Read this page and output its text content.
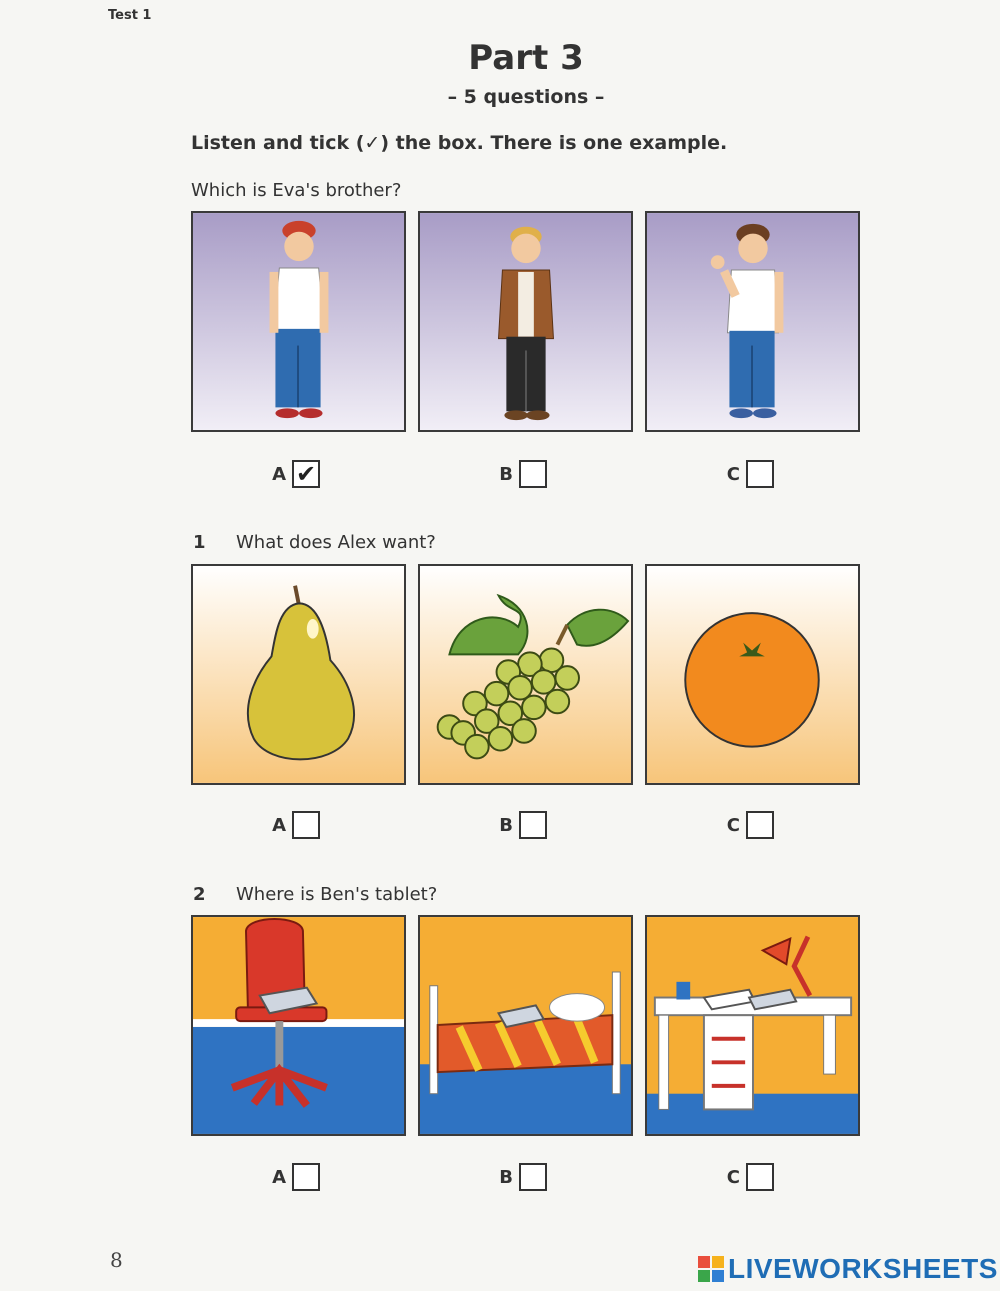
Test 1
Part 3
– 5 questions –
Listen and tick (✓) the box. There is one example.
Which is Eva's brother?
A ✔	B	C
1 What does Alex want?
A	B	C
2 Where is Ben's tablet?
A	B	C
8	LIVEWORKSHEETS
